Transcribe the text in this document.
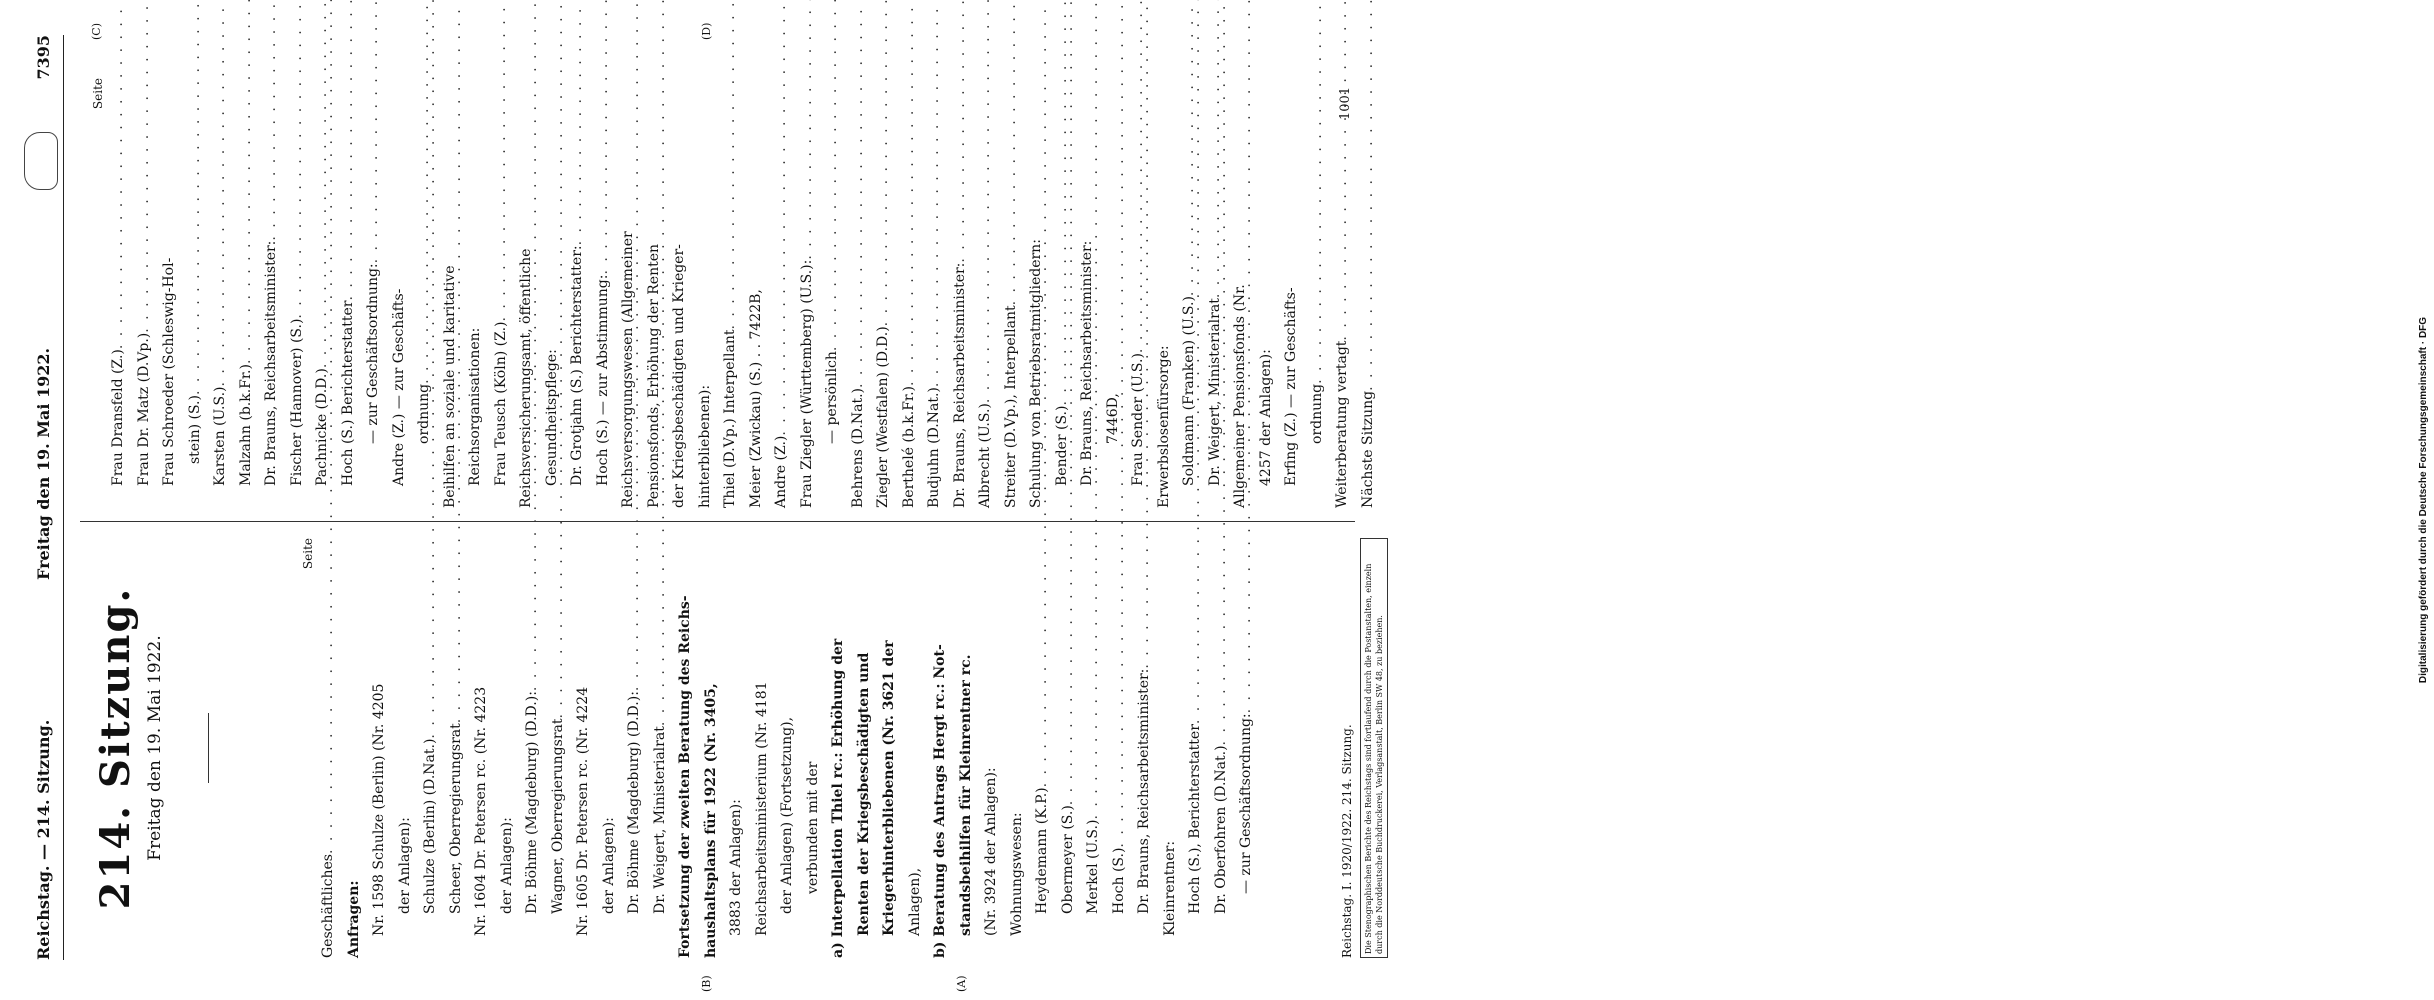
Reichstag. — 214. Sitzung.
Freitag den 19. Mai 1922.
7395
(A)
(B)
(C)	(D)
214. Sitzung. Freitag den 19. Mai 1922.
Seite
Geschäftliches
. . . Anfragen: Nr. 1598 Schulze (Berlin) (Nr. 4205 der Anlagen): Schulze (Berlin) (D.Nat.)
. . . Scheer, Oberregierungsrat
. . . Nr. 1604 Dr. Petersen rc. (Nr. 4223 der Anlagen): Dr. Böhme (Magdeburg) (D.D.):
. . . Wagner, Oberregierungsrat
. . . Nr. 1605 Dr. Petersen rc. (Nr. 4224 der Anlagen): Dr. Böhme (Magdeburg) (D.D.):
. . . Dr. Weigert, Ministerialrat
. . . Fortsetzung der zweiten Beratung des Reichs- haushaltsplans für 1922 (Nr. 3405, 3883 der Anlagen): Reichsarbeitsministerium (Nr. 4181 der Anlagen) (Fortsetzung), verbunden mit der a) Interpellation Thiel rc.: Erhöhung der Renten der Kriegsbeschädigten und Kriegerhinterbliebenen (Nr. 3621 der Anlagen), b) Beratung des Antrags Hergt rc.: Not- standsbeihilfen für Kleinrentner rc. (Nr. 3924 der Anlagen): Wohnungswesen: Heydemann (K.P.)
. . . Obermeyer (S.)
. . . Merkel (U.S.)
. . . Hoch (S.) . . . Dr. Brauns, Reichsarbeitsminister:
. . . Kleinrentner: Hoch (S.), Berichterstatter
. . . Dr. Oberfohren (D.Nat.)
. . . — zur Geschäftsordnung:
. . .
Seite
Frau Dransfeld (Z.)
. . . Frau Dr. Matz (D.Vp.)
. . . Frau Schroeder (Schleswig-Hol- stein) (S.)
. . . Karsten (U.S.)
. . . Malzahn (b.k.Fr.)
. . . Dr. Brauns, Reichsarbeitsminister:
. . . Fischer (Hannover) (S.)
. . . Pachnicke (D.D.)
. . . Hoch (S.) Berichterstatter
. . . — zur Geschäftsordnung:
. . . Andre (Z.) — zur Geschäfts- ordnung
. . . Beihilfen an soziale und karitative Reichsorganisationen: Frau Teusch (Köln) (Z.)
. . . Reichsversicherungsamt, öffentliche Gesundheitspflege: Dr. Grotjahn (S.) Berichterstatter:
. . . Hoch (S.) — zur Abstimmung:
. . . Reichsversorgungswesen (Allgemeiner Pensionsfonds, Erhöhung der Renten der Kriegsbeschädigten und Krieger- hinterbliebenen): Thiel (D.Vp.) Interpellant
. . . Meier (Zwickau) (S.) . . 7422B, Andre (Z.) . . . Frau Ziegler (Württemberg) (U.S.):
. . . — persönlich
. . . Behrens (D.Nat.)
. . . Ziegler (Westfalen) (D.D.)
. . . Berthelé (b.k.Fr.)
. . . Budjuhn (D.Nat.)
. . . Dr. Brauns, Reichsarbeitsminister:
. . . Albrecht (U.S.)
. . . Streiter (D.Vp.), Interpellant
. . . Schulung von Betriebsratmitgliedern: Bender (S.) . . . Dr. Brauns, Reichsarbeitsminister: 7446D, Frau Sender (U.S.)
. . . Erwerbslosenfürsorge: Soldmann (Franken) (U.S.)
. . . Dr. Weigert, Ministerialrat
. . . Allgemeiner Pensionsfonds (Nr. 4257 der Anlagen): Erfing (Z.) — zur Geschäfts- ordnung
. . . Weiterberatung vertagt
. . . Nächste Sitzung
. . .
Reichstag. I. 1920/1922. 214. Sitzung.	Die Stenographischen Berichte des Reichstags sind fortlaufend durch die Postanstalten, einzeln durch die Norddeutsche Buchdruckerei, Verlagsanstalt, Berlin SW 48, zu beziehen.
1001
Digitalisierung gefördert durch die Deutsche Forschungsgemeinschaft · DFG
